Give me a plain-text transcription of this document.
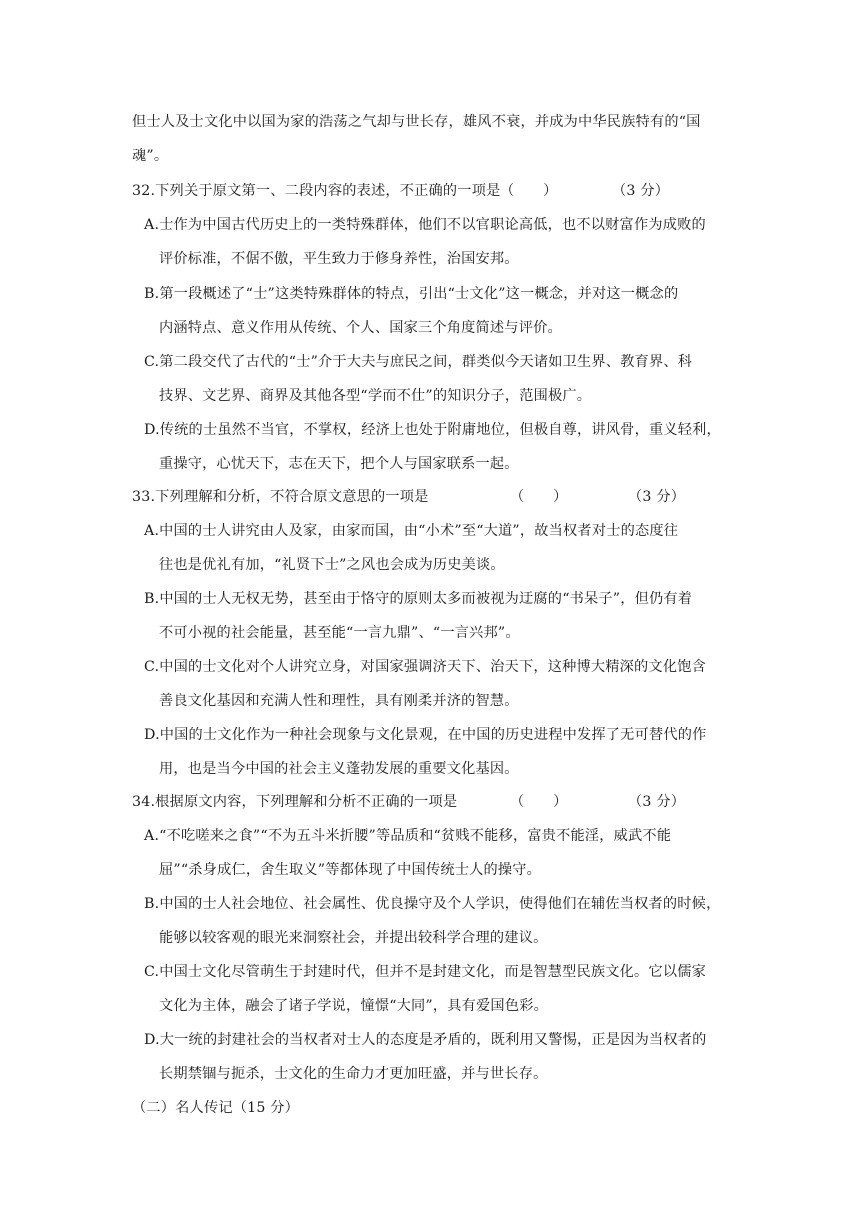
但士人及士文化中以国为家的浩荡之气却与世长存，雄风不衰，并成为中华民族特有的“国
魂”。
32.下列关于原文第一、二段内容的表述，不正确的一项是 （　　）	（3 分）
A.士作为中国古代历史上的一类特殊群体，他们不以官职论高低，也不以财富作为成败的
评价标准，不倨不傲，平生致力于修身养性，治国安邦。
B.第一段概述了“士”这类特殊群体的特点，引出“士文化”这一概念，并对这一概念的
内涵特点、意义作用从传统、个人、国家三个角度简述与评价。
C.第二段交代了古代的“士”介于大夫与庶民之间，群类似今天诸如卫生界、教育界、科
技界、文艺界、商界及其他各型“学而不仕”的知识分子，范围极广。
D.传统的士虽然不当官，不掌权，经济上也处于附庸地位，但极自尊，讲风骨，重义轻利，
重操守，心忧天下，志在天下，把个人与国家联系一起。
33.下列理解和分析，不符合原文意思的一项是	（　　）	（3 分）
A.中国的士人讲究由人及家，由家而国，由“小术”至“大道”，故当权者对士的态度往
往也是优礼有加，“礼贤下士”之风也会成为历史美谈。
B.中国的士人无权无势，甚至由于恪守的原则太多而被视为迂腐的“书呆子”，但仍有着
不可小视的社会能量，甚至能“一言九鼎”、“一言兴邦”。
C.中国的士文化对个人讲究立身，对国家强调济天下、治天下，这种博大精深的文化饱含
善良文化基因和充满人性和理性，具有刚柔并济的智慧。
D.中国的士文化作为一种社会现象与文化景观，在中国的历史进程中发挥了无可替代的作
用，也是当今中国的社会主义蓬勃发展的重要文化基因。
34.根据原文内容，下列理解和分析不正确的一项是	（　　）	（3 分）
A.“不吃嗟来之食”“不为五斗米折腰”等品质和“贫贱不能移，富贵不能淫，威武不能
屈”“杀身成仁，舍生取义”等都体现了中国传统士人的操守。
B.中国的士人社会地位、社会属性、优良操守及个人学识，使得他们在辅佐当权者的时候，
能够以较客观的眼光来洞察社会，并提出较科学合理的建议。
C.中国士文化尽管萌生于封建时代，但并不是封建文化，而是智慧型民族文化。它以儒家
文化为主体，融会了诸子学说，憧憬“大同”，具有爱国色彩。
D.大一统的封建社会的当权者对士人的态度是矛盾的，既利用又警惕，正是因为当权者的
长期禁锢与扼杀，士文化的生命力才更加旺盛，并与世长存。
（二）名人传记（15 分）
